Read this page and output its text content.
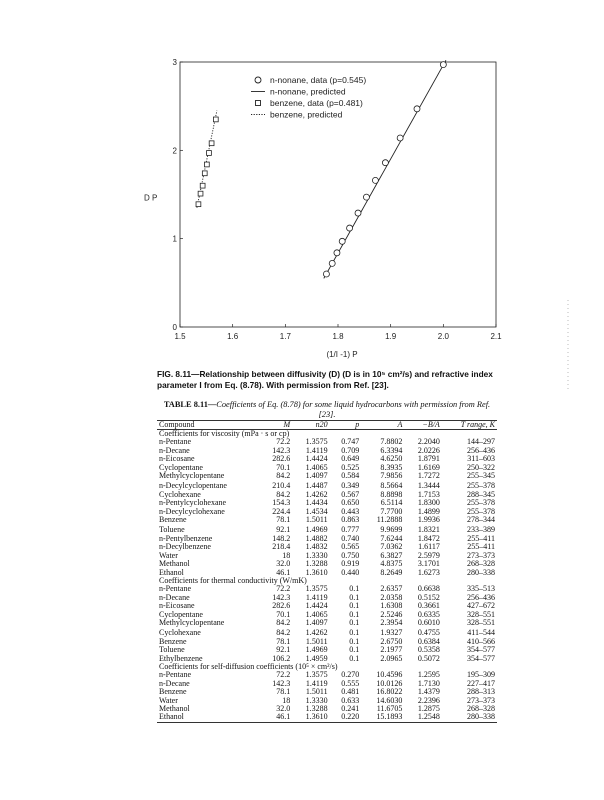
1.5	1.6	1.7	1.8	1.9	2.0	2.1
0
1
2
3
(1/I -1) P
D P
n-nonane, data (p=0.545)
n-nonane, predicted
benzene, data (p=0.481)
benzene, predicted
FIG. 8.11—Relationship between diffusivity (D) (D is in 10⁵ cm²/s) and refractive index parameter I from Eq. (8.78). With permission from Ref. [23].
TABLE 8.11—Coefficients of Eq. (8.78) for some liquid hydrocarbons with permission from Ref. [23].
Compound	M	n20	p	A	−B/A	T range, K
Coefficients for viscosity (mPa · s or cp)						
n-Pentane	72.2	1.3575	0.747	7.8802	2.2040	144–297
n-Decane	142.3	1.4119	0.709	6.3394	2.0226	256–436
n-Eicosane	282.6	1.4424	0.649	4.6250	1.8791	311–603
Cyclopentane	70.1	1.4065	0.525	8.3935	1.6169	250–322
Methylcyclopentane	84.2	1.4097	0.584	7.9856	1.7272	255–345
n-Decylcyclopentane	210.4	1.4487	0.349	8.5664	1.3444	255–378
Cyclohexane	84.2	1.4262	0.567	8.8898	1.7153	288–345
n-Pentylcyclohexane	154.3	1.4434	0.650	6.5114	1.8300	255–378
n-Decylcyclohexane	224.4	1.4534	0.443	7.7700	1.4899	255–378
Benzene	78.1	1.5011	0.863	11.2888	1.9936	278–344
Toluene	92.1	1.4969	0.777	9.9699	1.8321	233–389
n-Pentylbenzene	148.2	1.4882	0.740	7.6244	1.8472	255–411
n-Decylbenzene	218.4	1.4832	0.565	7.0362	1.6117	255–411
Water	18	1.3330	0.750	6.3827	2.5979	273–373
Methanol	32.0	1.3288	0.919	4.8375	3.1701	268–328
Ethanol	46.1	1.3610	0.440	8.2649	1.6273	280–338
Coefficients for thermal conductivity (W/mK)						
n-Pentane	72.2	1.3575	0.1	2.6357	0.6638	335–513
n-Decane	142.3	1.4119	0.1	2.0358	0.5152	256–436
n-Eicosane	282.6	1.4424	0.1	1.6308	0.3661	427–672
Cyclopentane	70.1	1.4065	0.1	2.5246	0.6335	328–551
Methylcyclopentane	84.2	1.4097	0.1	2.3954	0.6010	328–551
Cyclohexane	84.2	1.4262	0.1	1.9327	0.4755	411–544
Benzene	78.1	1.5011	0.1	2.6750	0.6384	410–566
Toluene	92.1	1.4969	0.1	2.1977	0.5358	354–577
Ethylbenzene	106.2	1.4959	0.1	2.0965	0.5072	354–577
Coefficients for self-diffusion coefficients (10⁵ × cm²/s)						
n-Pentane	72.2	1.3575	0.270	10.4596	1.2595	195–309
n-Decane	142.3	1.4119	0.555	10.0126	1.7130	227–417
Benzene	78.1	1.5011	0.481	16.8022	1.4379	288–313
Water	18	1.3330	0.633	14.6030	2.2396	273–373
Methanol	32.0	1.3288	0.241	11.6705	1.2875	268–328
Ethanol	46.1	1.3610	0.220	15.1893	1.2548	280–338
